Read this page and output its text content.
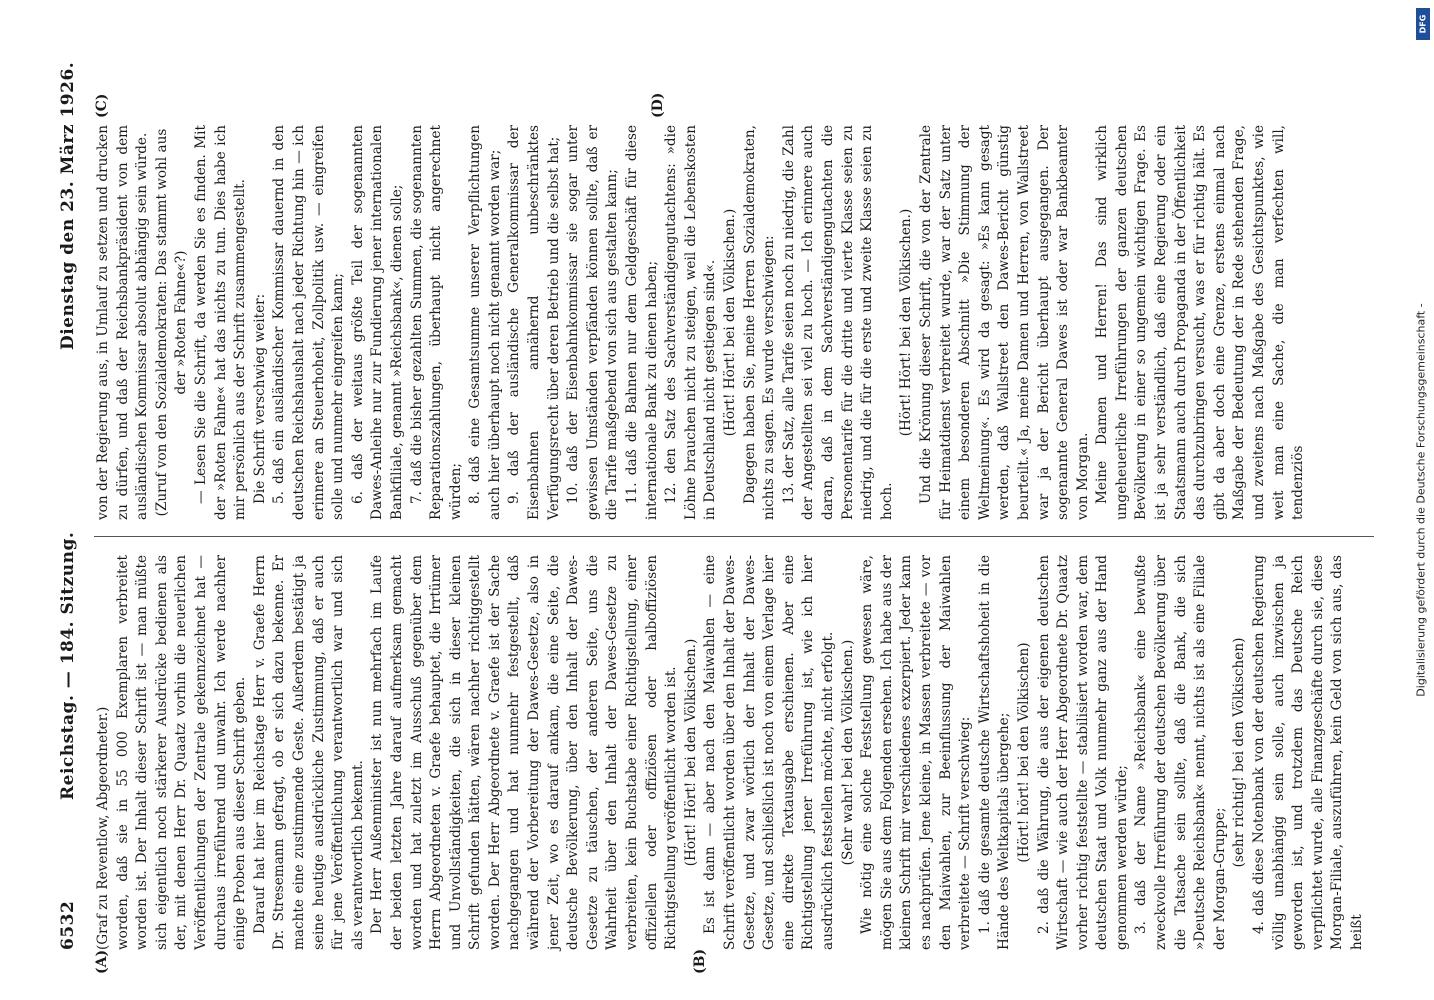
6532
Reichstag. — 184. Sitzung.
Dienstag den 23. März 1926.
(A)	(B)
(C)	(D)

(Graf zu Reventlow, Abgeordneter.) worden, daß sie in 55 000 Exemplaren verbreitet worden ist. Der Inhalt dieser Schrift ist — man müßte sich eigentlich noch stärkerer Ausdrücke bedienen als der, mit denen Herr Dr. Quaatz vorhin die neuerlichen Veröffentlichungen der Zentrale gekennzeichnet hat — durchaus irreführend und unwahr. Ich werde nachher einige Proben aus dieser Schrift geben. Darauf hat hier im Reichstage Herr v. Graefe Herrn Dr. Stresemann gefragt, ob er sich dazu bekenne. Er machte eine zustimmende Geste. Außerdem bestätigt ja seine heutige ausdrückliche Zustimmung, daß er auch für jene Veröffentlichung verantwortlich war und sich als verantwortlich bekennt. Der Herr Außenminister ist nun mehrfach im Laufe der beiden letzten Jahre darauf aufmerksam gemacht worden und hat zuletzt im Ausschuß gegenüber dem Herrn Abgeordneten v. Graefe behauptet, die Irrtümer und Unvollständigkeiten, die sich in dieser kleinen Schrift gefunden hätten, wären nachher richtiggestellt worden. Der Herr Abgeordnete v. Graefe ist der Sache nachgegangen und hat nunmehr festgestellt, daß während der Vorbereitung der Dawes-Gesetze, also in jener Zeit, wo es darauf ankam, die eine Seite, die deutsche Bevölkerung, über den Inhalt der Dawes-Gesetze zu täuschen, der anderen Seite, uns die Wahrheit über den Inhalt der Dawes-Gesetze zu verbreiten, kein Buchstabe einer Richtigstellung, einer offiziellen oder offiziösen oder halboffiziösen Richtigstellung veröffentlicht worden ist. (Hört! Hört! bei den Völkischen.) Es ist dann — aber nach den Maiwahlen — eine Schrift veröffentlicht worden über den Inhalt der Dawes-Gesetze, und zwar wörtlich der Inhalt der Dawes-Gesetze, und schließlich ist noch von einem Verlage hier eine direkte Textausgabe erschienen. Aber eine Richtigstellung jener Irreführung ist, wie ich hier ausdrücklich feststellen möchte, nicht erfolgt. (Sehr wahr! bei den Völkischen.) Wie nötig eine solche Feststellung gewesen wäre, mögen Sie aus dem Folgenden ersehen. Ich habe aus der kleinen Schrift mir verschiedenes exzerpiert. Jeder kann es nachprüfen. Jene kleine, in Massen verbreitete — vor den Maiwahlen, zur Beeinflussung der Maiwahlen verbreitete — Schrift verschwieg: 1. daß die gesamte deutsche Wirtschaftshoheit in die Hände des Weltkapitals übergehe; (Hört! hört! bei den Völkischen) 2. daß die Währung, die aus der eigenen deutschen Wirtschaft — wie auch der Herr Abgeordnete Dr. Quaatz vorher richtig feststellte — stabilisiert worden war, dem deutschen Staat und Volk nunmehr ganz aus der Hand genommen werden würde; 3. daß der Name »Reichsbank« eine bewußte zweckvolle Irreführung der deutschen Bevölkerung über die Tatsache sein sollte, daß die Bank, die sich »Deutsche Reichsbank« nennt, nichts ist als eine Filiale der Morgan-Gruppe;

(sehr richtig! bei den Völkischen) 4. daß diese Notenbank von der deutschen Regierung völlig unabhängig sein solle, auch inzwischen ja geworden ist, und trotzdem das Deutsche Reich verpflichtet wurde, alle Finanzgeschäfte durch sie, diese Morgan-Filiale, auszuführen, kein Geld von sich aus, das heißt

von der Regierung aus, in Umlauf zu setzen und drucken zu dürfen, und daß der Reichsbankpräsident von dem ausländischen Kommissar absolut abhängig sein würde. (Zuruf von den Sozialdemokraten: Das stammt wohl aus der »Roten Fahne«?) — Lesen Sie die Schrift, da werden Sie es finden. Mit der »Roten Fahne« hat das nichts zu tun. Dies habe ich mir persönlich aus der Schrift zusammengestellt. Die Schrift verschwieg weiter: 5. daß ein ausländischer Kommissar dauernd in den deutschen Reichshaushalt nach jeder Richtung hin — ich erinnere an Steuerhoheit, Zollpolitik usw. — eingreifen solle und nunmehr eingreifen kann; 6. daß der weitaus größte Teil der sogenannten Dawes-Anleihe nur zur Fundierung jener internationalen Bankfiliale, genannt »Reichsbank«, dienen solle; 7. daß die bisher gezahlten Summen, die sogenannten Reparationszahlungen, überhaupt nicht angerechnet würden; 8. daß eine Gesamtsumme unserer Verpflichtungen auch hier überhaupt noch nicht genannt worden war; 9. daß der ausländische Generalkommissar der Eisenbahnen annähernd unbeschränktes Verfügungsrecht über deren Betrieb und die selbst hat; 10. daß der Eisenbahnkommissar sie sogar unter gewissen Umständen verpfänden können sollte, daß er die Tarife maßgebend von sich aus gestalten kann; 11. daß die Bahnen nur dem Geldgeschäft für diese internationale Bank zu dienen haben; 12. den Satz des Sachverständigengutachtens: »die Löhne brauchen nicht zu steigen, weil die Lebenskosten in Deutschland nicht gestiegen sind«. (Hört! Hört! bei den Völkischen.) Dagegen haben Sie, meine Herren Sozialdemokraten, nichts zu sagen. Es wurde verschwiegen: 13. der Satz, alle Tarife seien noch zu niedrig, die Zahl der Angestellten sei viel zu hoch. — Ich erinnere auch daran, daß in dem Sachverständigengutachten die Personentarife für die dritte und vierte Klasse seien zu niedrig, und die für die erste und zweite Klasse seien zu hoch.

(Hört! Hört! bei den Völkischen.) Und die Krönung dieser Schrift, die von der Zentrale für Heimatdienst verbreitet wurde, war der Satz unter einem besonderen Abschnitt »Die Stimmung der Weltmeinung«. Es wird da gesagt: »Es kann gesagt werden, daß Wallstreet den Dawes-Bericht günstig beurteilt.« Ja, meine Damen und Herren, von Wallstreet war ja der Bericht überhaupt ausgegangen. Der sogenannte General Dawes ist oder war Bankbeamter von Morgan. Meine Damen und Herren! Das sind wirklich ungeheuerliche Irreführungen der ganzen deutschen Bevölkerung in einer so ungemein wichtigen Frage. Es ist ja sehr verständlich, daß eine Regierung oder ein Staatsmann auch durch Propaganda in der Öffentlichkeit das durchzubringen versucht, was er für richtig hält. Es gibt da aber doch eine Grenze, erstens einmal nach Maßgabe der Bedeutung der in Rede stehenden Frage, und zweitens nach Maßgabe des Gesichtspunktes, wie weit man eine Sache, die man verfechten will, tendenziös

DFG
Digitalisierung gefördert durch die Deutsche Forschungsgemeinschaft -
